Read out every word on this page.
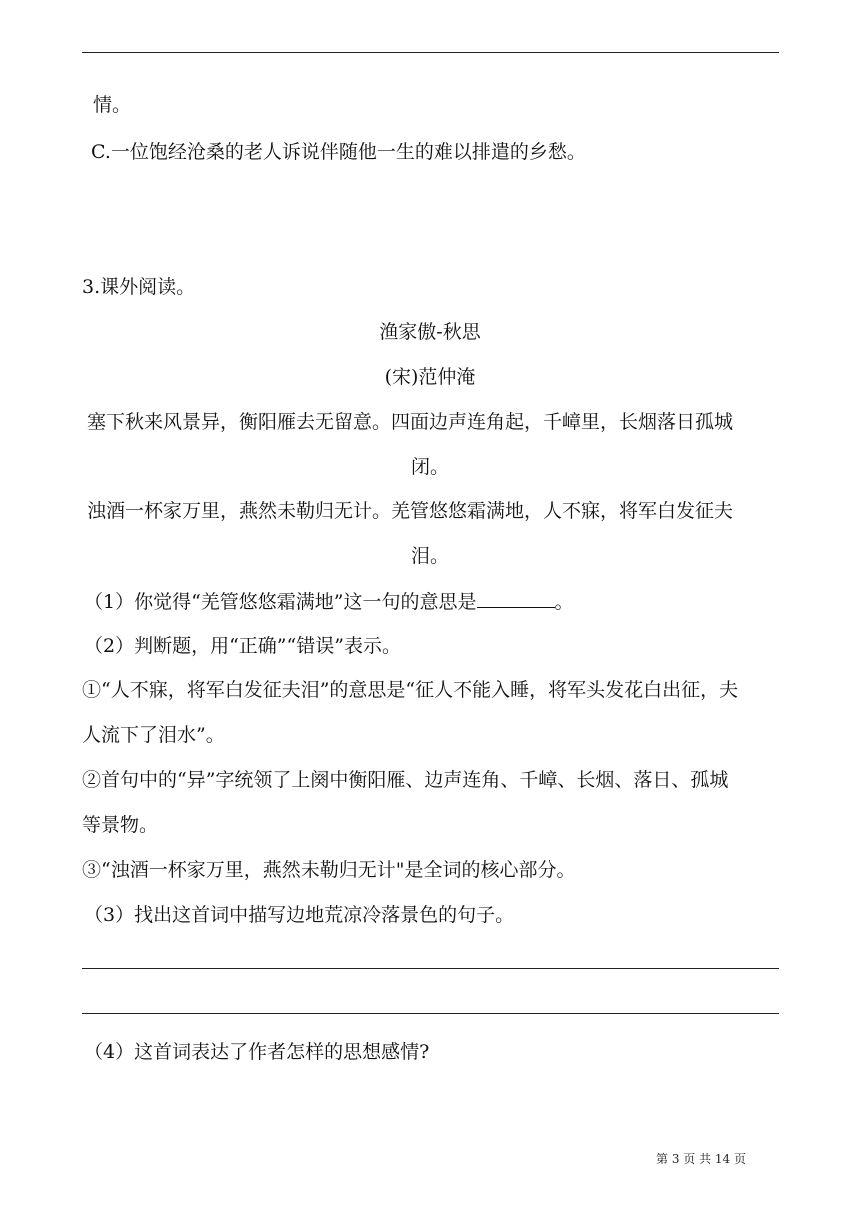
情。
C.一位饱经沧桑的老人诉说伴随他一生的难以排遣的乡愁。
3.课外阅读。
渔家傲-秋思
(宋)范仲淹
塞下秋来风景异，衡阳雁去无留意。四面边声连角起，千嶂里，长烟落日孤城
闭。
浊酒一杯家万里，燕然未勒归无计。羌管悠悠霜满地，人不寐，将军白发征夫
泪。
（1）你觉得“羌管悠悠霜满地”这一句的意思是	。
（2）判断题，用“正确”“错误”表示。
①“人不寐，将军白发征夫泪”的意思是“征人不能入睡，将军头发花白出征，夫
人流下了泪水”。
②首句中的“异”字统领了上阕中衡阳雁、边声连角、千嶂、长烟、落日、孤城
等景物。
③“浊酒一杯家万里，燕然未勒归无计"是全词的核心部分。
（3）找出这首词中描写边地荒凉冷落景色的句子。
（4）这首词表达了作者怎样的思想感情?
第 3 页 共 14 页
